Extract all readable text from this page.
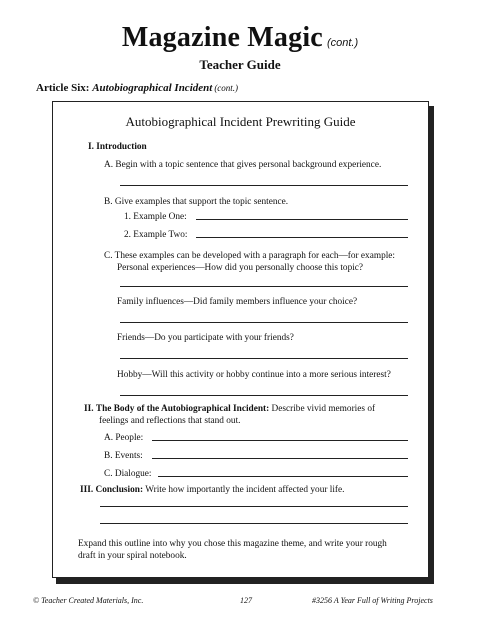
Magazine Magic (cont.)
Teacher Guide
Article Six: Autobiographical Incident (cont.)
Autobiographical Incident Prewriting Guide
I. Introduction
A. Begin with a topic sentence that gives personal background experience.
B. Give examples that support the topic sentence.
1. Example One:
2. Example Two:
C. These examples can be developed with a paragraph for each—for example:
Personal experiences—How did you personally choose this topic?
Family influences—Did family members influence your choice?
Friends—Do you participate with your friends?
Hobby—Will this activity or hobby continue into a more serious interest?
II. The Body of the Autobiographical Incident: Describe vivid memories of
feelings and reflections that stand out.
A. People:
B. Events:
C. Dialogue:
III. Conclusion: Write how importantly the incident affected your life.
Expand this outline into why you chose this magazine theme, and write your rough
draft in your spiral notebook.
© Teacher Created Materials, Inc.	127	#3256 A Year Full of Writing Projects
